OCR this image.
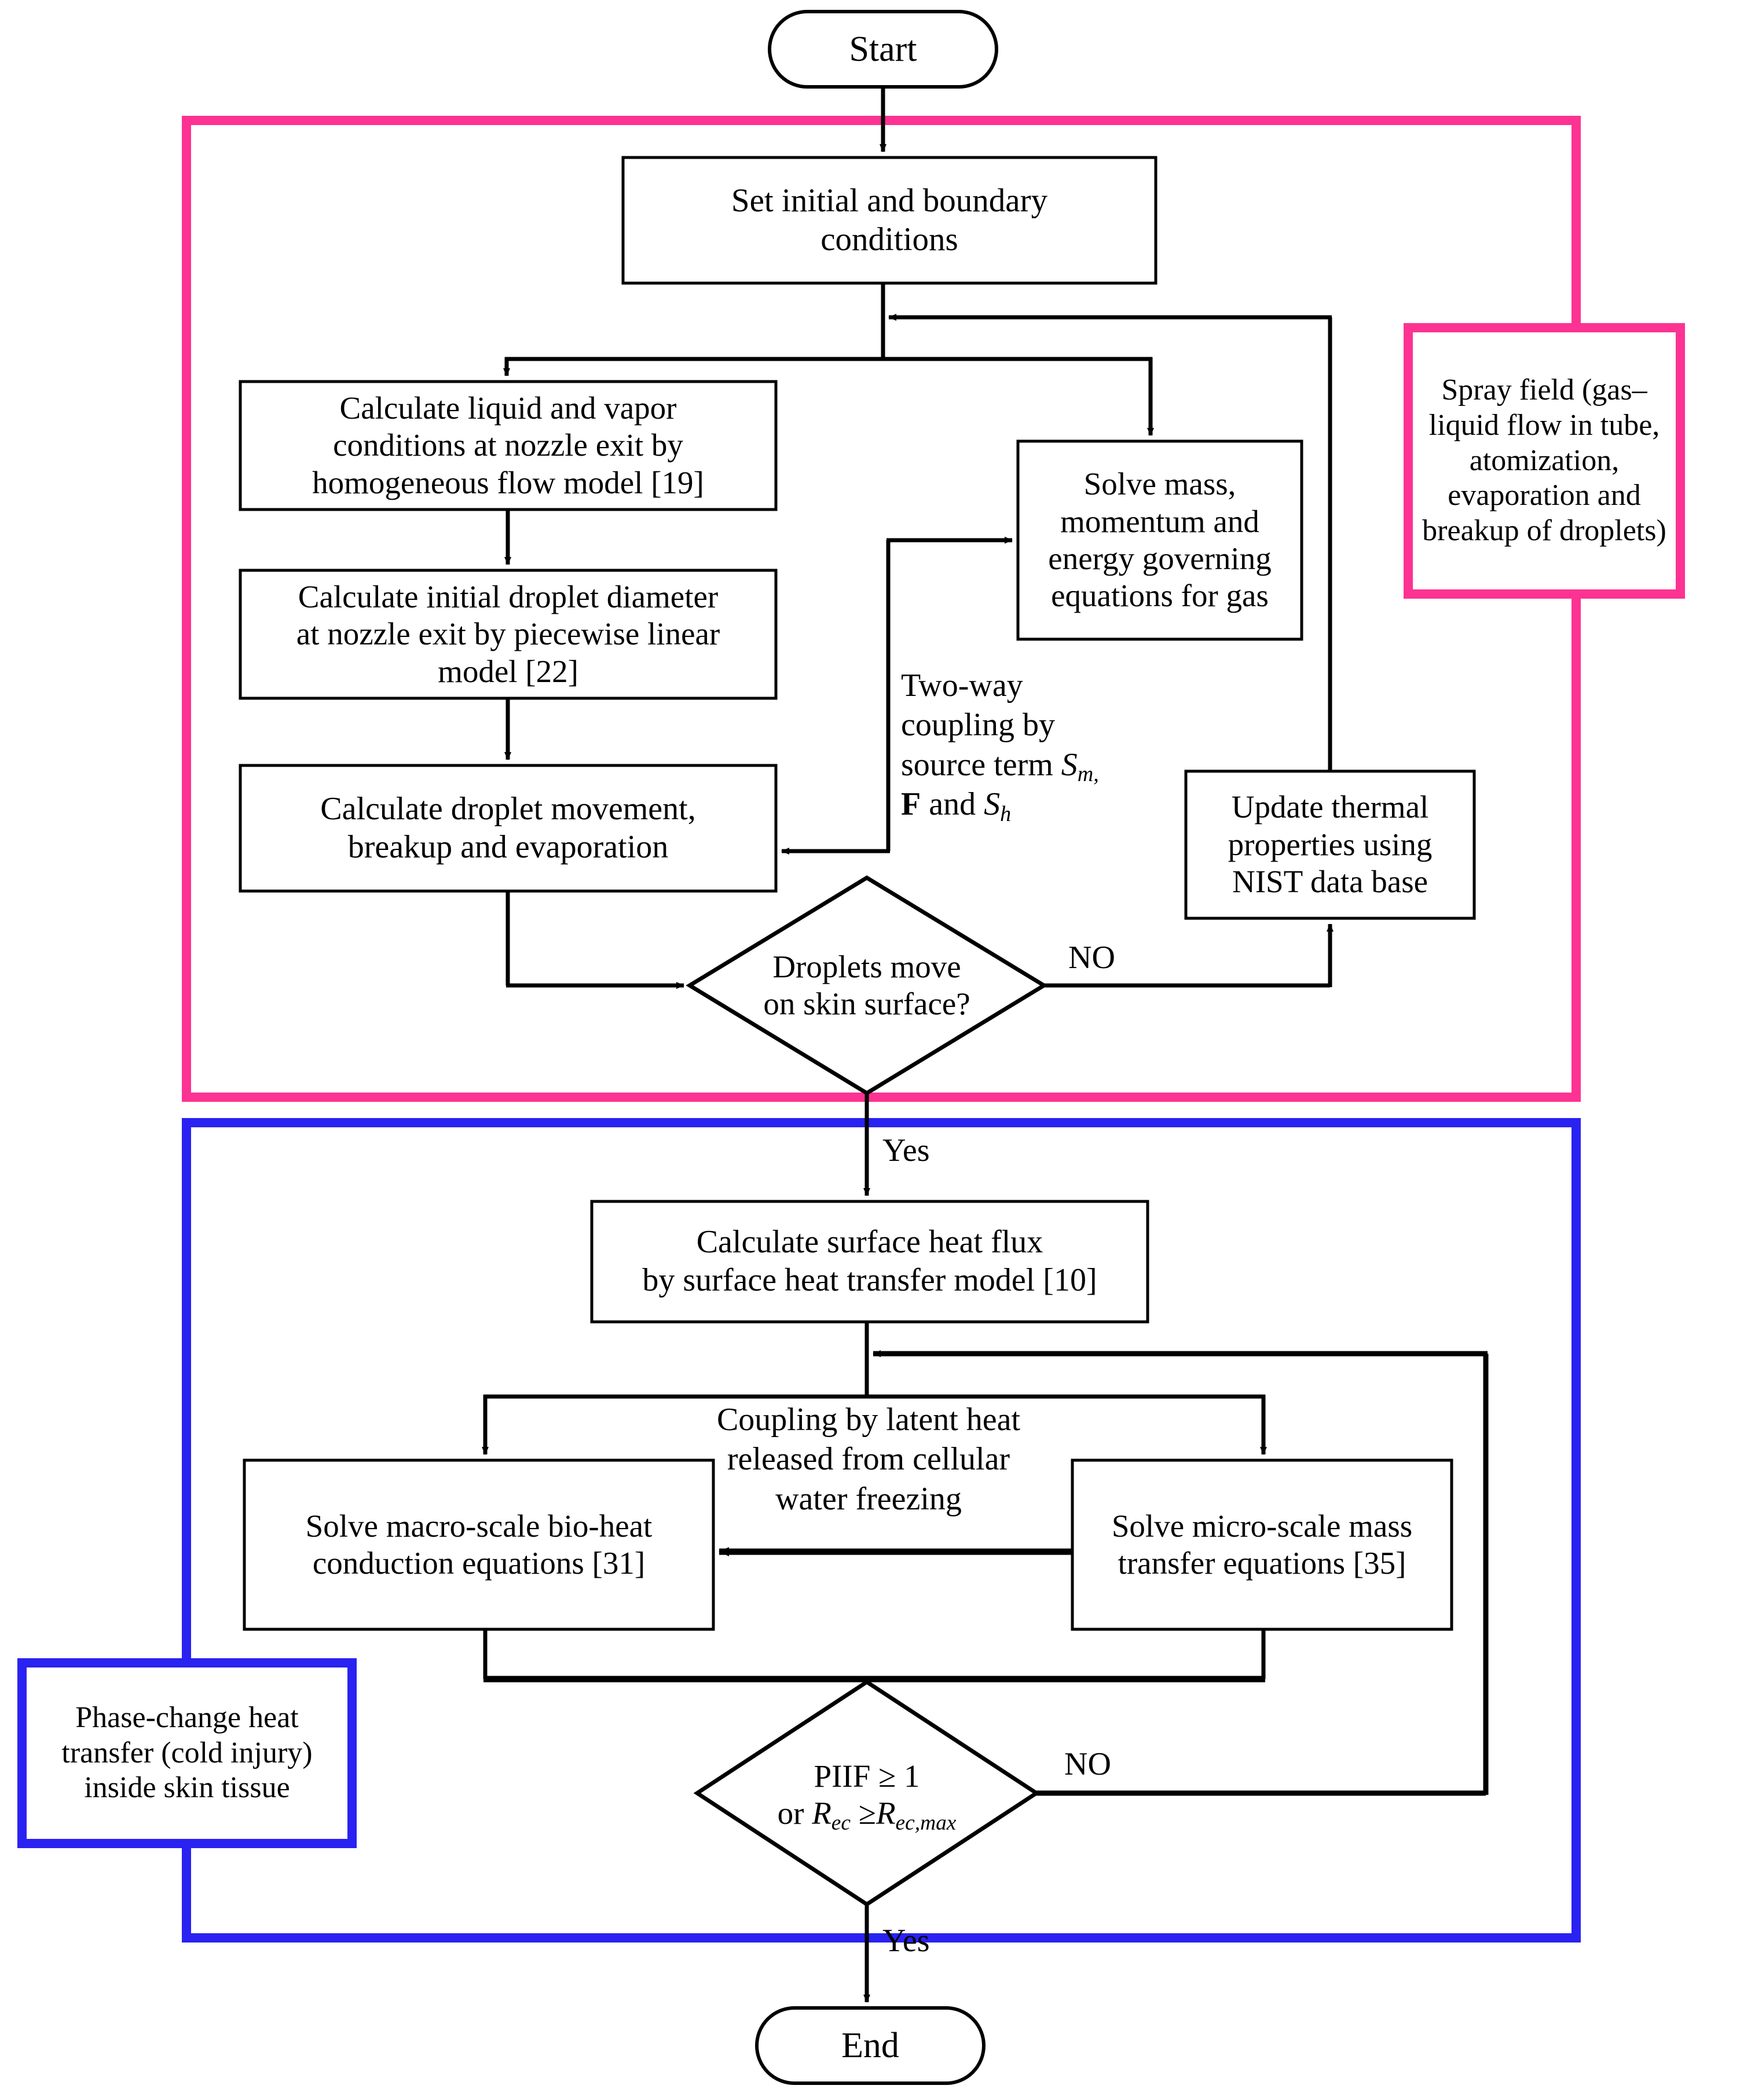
Start
End
Set initial and boundary
conditions
Calculate liquid and vapor
conditions at nozzle exit by
homogeneous flow model [19]
Calculate initial droplet diameter
at nozzle exit by piecewise linear
model [22]
Calculate droplet movement,
breakup and evaporation
Solve mass,
momentum and
energy governing
equations for gas
Update thermal
properties using
NIST data base
Calculate surface heat flux
by surface heat transfer model [10]
Solve macro-scale bio-heat
conduction equations [31]
Solve micro-scale mass
transfer equations [35]
Droplets move
on skin surface?
PIIF ≥ 1
or $R_{ec} \ge R_{ec,max}$
Two-way
coupling by
source term $S_{m,}$
F and $S_h$
Coupling by latent heat
released from cellular
water freezing
Spray field (gas–
liquid flow in tube,
atomization,
evaporation and
breakup of droplets)
Phase-change heat
transfer (cold injury)
inside skin tissue
NO
Yes
NO
Yes
